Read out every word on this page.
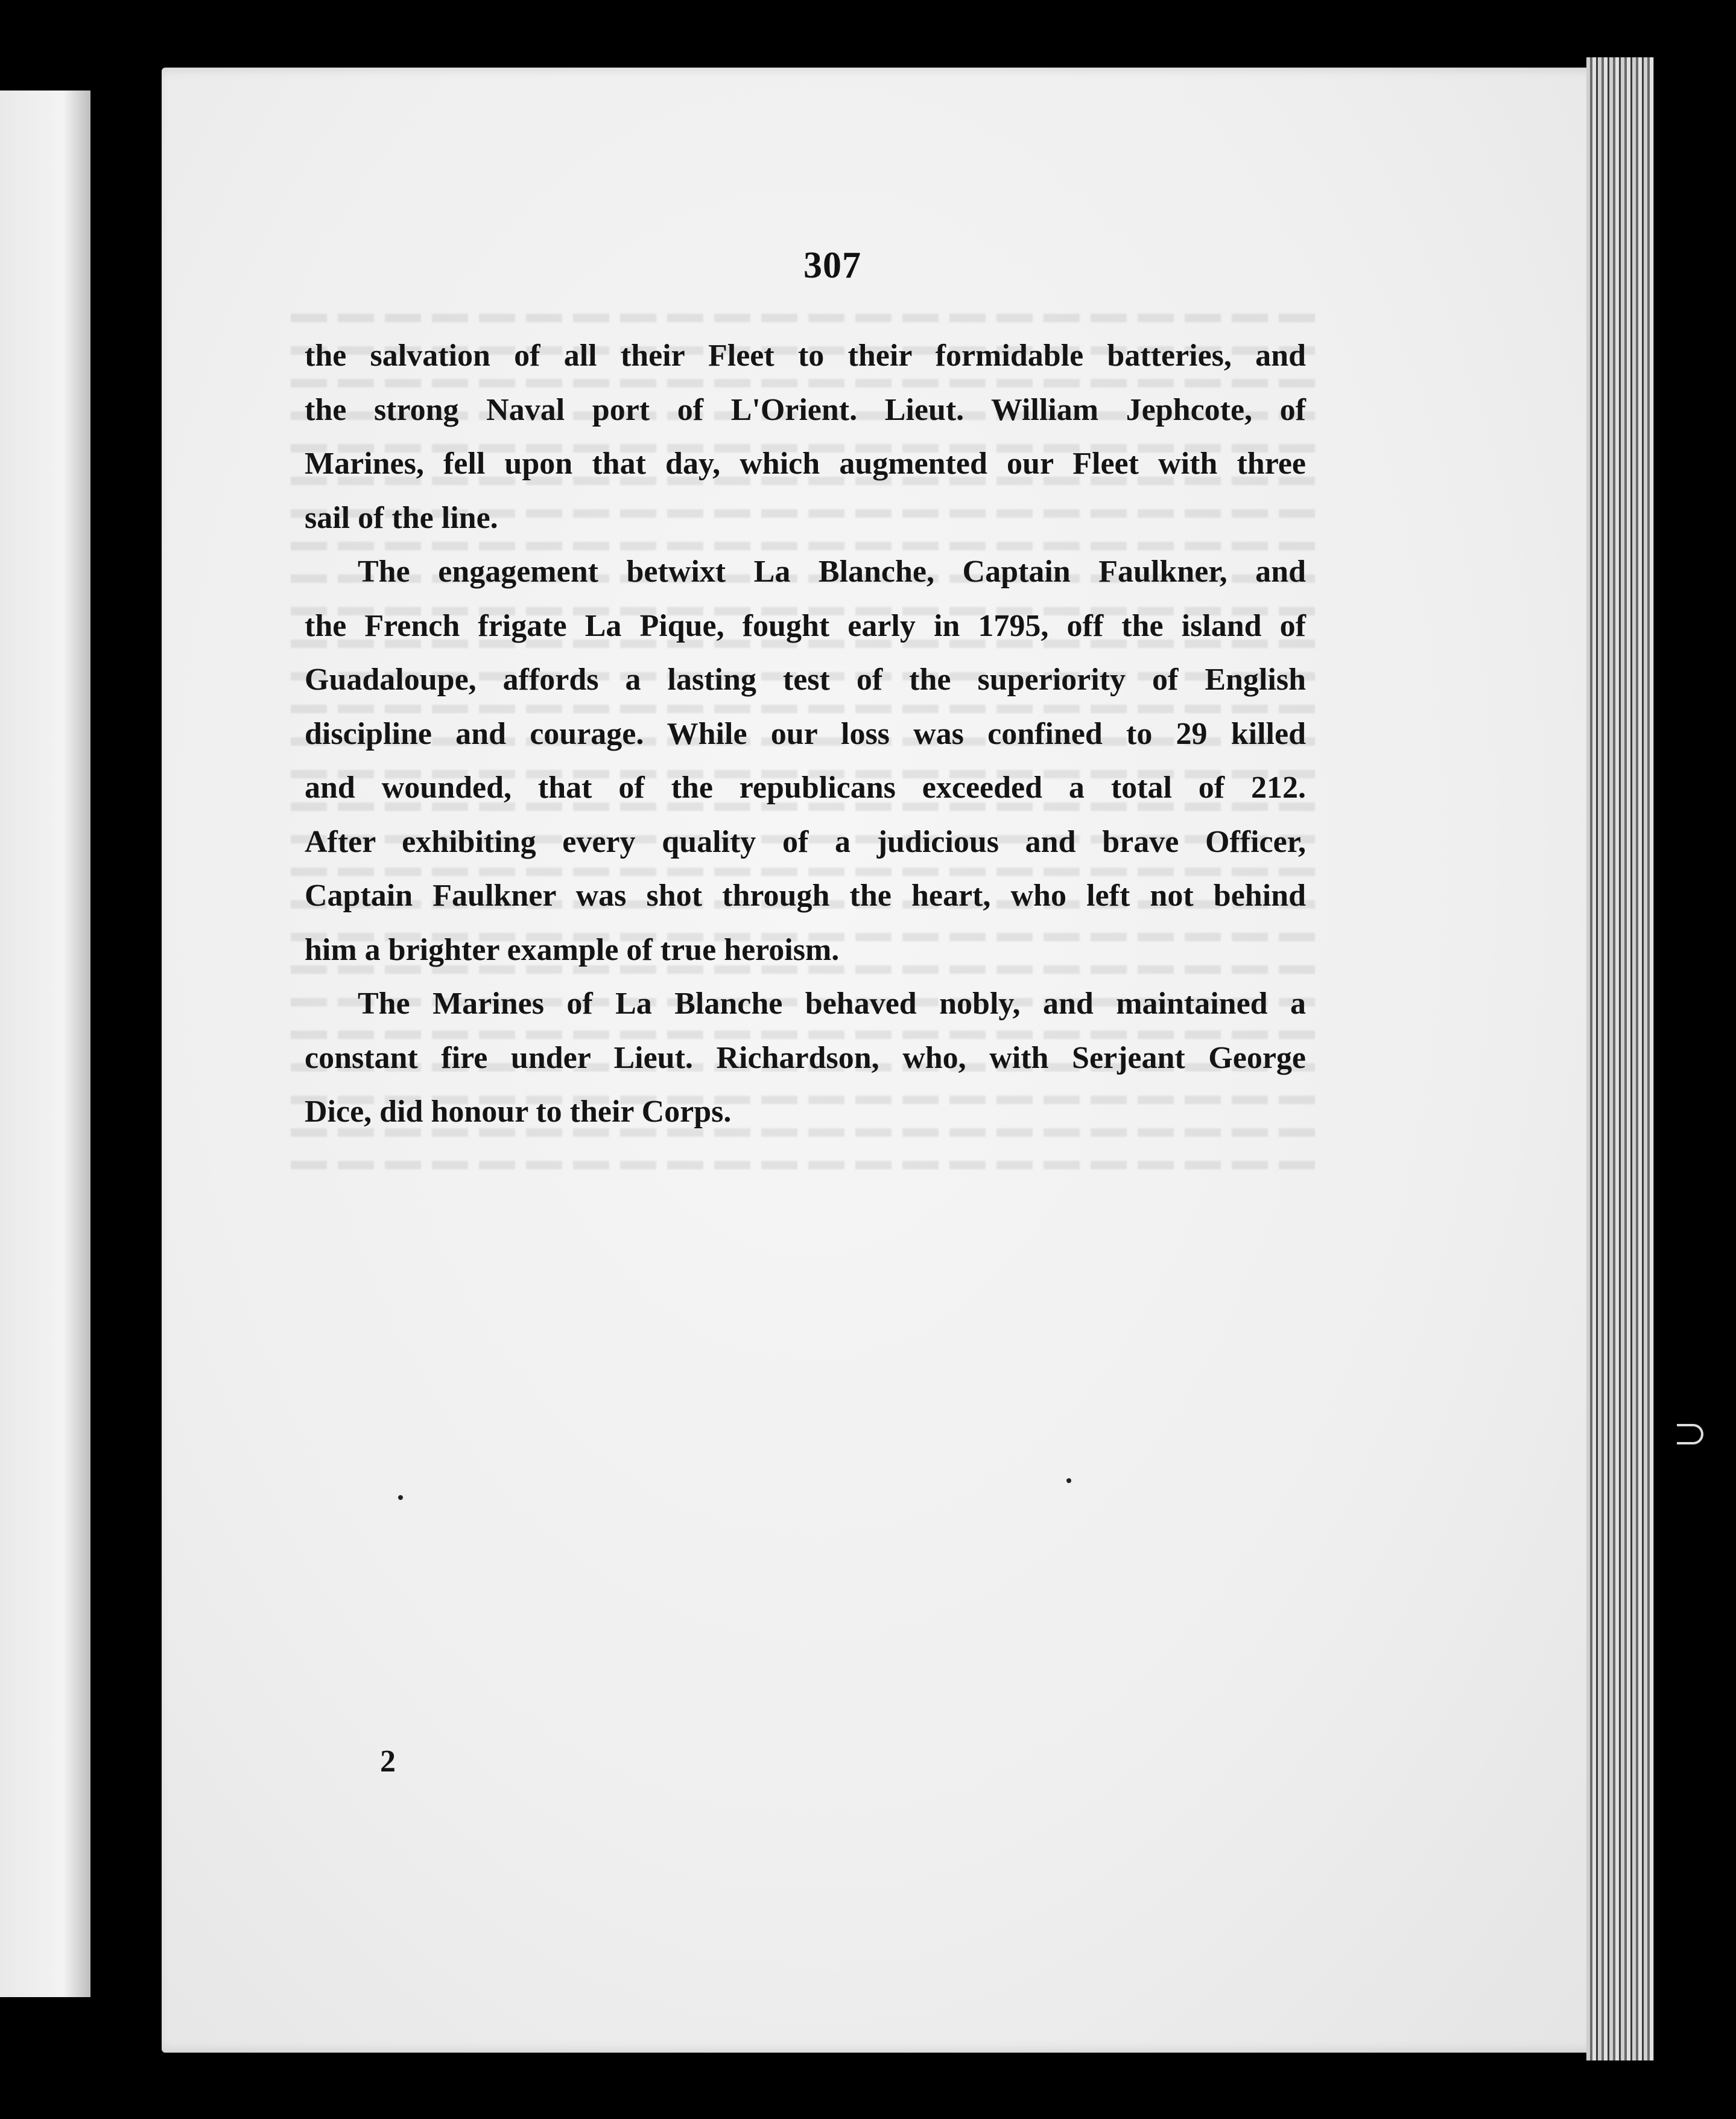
307

the salvation of all their Fleet to their formidable batteries, and
the strong Naval port of L'Orient. Lieut. William Jephcote, of
Marines, fell upon that day, which augmented our Fleet with three
sail of the line.

The engagement betwixt La Blanche, Captain Faulkner, and
the French frigate La Pique, fought early in 1795, off the island of
Guadaloupe, affords a lasting test of the superiority of English
discipline and courage. While our loss was confined to 29 killed
and wounded, that of the republicans exceeded a total of 212.
After exhibiting every quality of a judicious and brave Officer,
Captain Faulkner was shot through the heart, who left not behind
him a brighter example of true heroism.

The Marines of La Blanche behaved nobly, and maintained a
constant fire under Lieut. Richardson, who, with Serjeant George
Dice, did honour to their Corps.

2
